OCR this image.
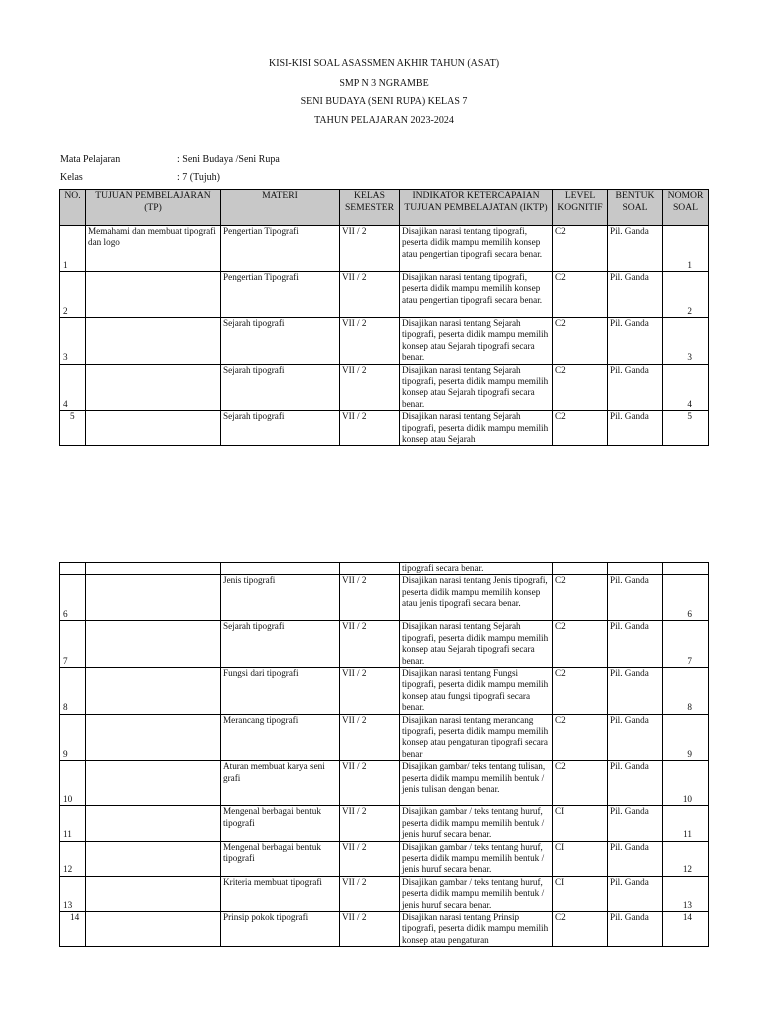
KISI-KISI SOAL ASASSMEN AKHIR TAHUN (ASAT)
SMP N 3 NGRAMBE
SENI BUDAYA (SENI RUPA) KELAS 7
TAHUN PELAJARAN 2023-2024
Mata Pelajaran	: Seni Budaya /Seni Rupa
Kelas	: 7 (Tujuh)
NO.	TUJUAN PEMBELAJARAN (TP)	MATERI	KELAS SEMESTER	INDIKATOR KETERCAPAIAN TUJUAN PEMBELAJATAN (IKTP)	LEVEL KOGNITIF	BENTUK SOAL	NOMOR SOAL

1	Memahami dan membuat tipografi dan logo	Pengertian Tipografi	VII / 2	Disajikan narasi tentang tipografi, peserta didik mampu memilih konsep atau pengertian tipografi secara benar.	C2	Pil. Ganda	1

2		Pengertian Tipografi	VII / 2	Disajikan narasi tentang tipografi, peserta didik mampu memilih konsep atau pengertian tipografi secara benar.	C2	Pil. Ganda	2

3		Sejarah tipografi	VII / 2	Disajikan narasi tentang Sejarah tipografi, peserta didik mampu memilih konsep atau Sejarah tipografi secara benar.	C2	Pil. Ganda	3

4		Sejarah tipografi	VII / 2	Disajikan narasi tentang Sejarah tipografi, peserta didik mampu memilih konsep atau Sejarah tipografi secara benar.	C2	Pil. Ganda	4

5		Sejarah tipografi	VII / 2	Disajikan narasi tentang Sejarah tipografi, peserta didik mampu memilih konsep atau Sejarah	C2	Pil. Ganda	5
				tipografi secara benar.			

6		Jenis tipografi	VII / 2	Disajikan narasi tentang Jenis tipografi, peserta didik mampu memilih konsep atau jenis tipografi secara benar.	C2	Pil. Ganda	6

7		Sejarah tipografi	VII / 2	Disajikan narasi tentang Sejarah tipografi, peserta didik mampu memilih konsep atau Sejarah tipografi secara benar.	C2	Pil. Ganda	7

8		Fungsi dari tipografi	VII / 2	Disajikan narasi tentang Fungsi tipografi, peserta didik mampu memilih konsep atau fungsi tipografi secara benar.	C2	Pil. Ganda	8

9		Merancang tipografi	VII / 2	Disajikan narasi tentang merancang tipografi, peserta didik mampu memilih konsep atau pengaturan tipografi secara benar	C2	Pil. Ganda	9

10		Aturan membuat karya seni grafi	VII / 2	Disajikan gambar/ teks tentang tulisan, peserta didik mampu memilih bentuk / jenis tulisan dengan benar.	C2	Pil. Ganda	10

11		Mengenal berbagai bentuk tipografi	VII / 2	Disajikan gambar / teks tentang huruf, peserta didik mampu memilih bentuk / jenis huruf secara benar.	CI	Pil. Ganda	11

12		Mengenal berbagai bentuk tipografi	VII / 2	Disajikan gambar / teks tentang huruf, peserta didik mampu memilih bentuk / jenis huruf secara benar.	CI	Pil. Ganda	12

13		Kriteria membuat tipografi	VII / 2	Disajikan gambar / teks tentang huruf, peserta didik mampu memilih bentuk / jenis huruf secara benar.	CI	Pil. Ganda	13

14		Prinsip pokok tipografi	VII / 2	Disajikan narasi tentang Prinsip tipografi, peserta didik mampu memilih konsep atau pengaturan	C2	Pil. Ganda	14
